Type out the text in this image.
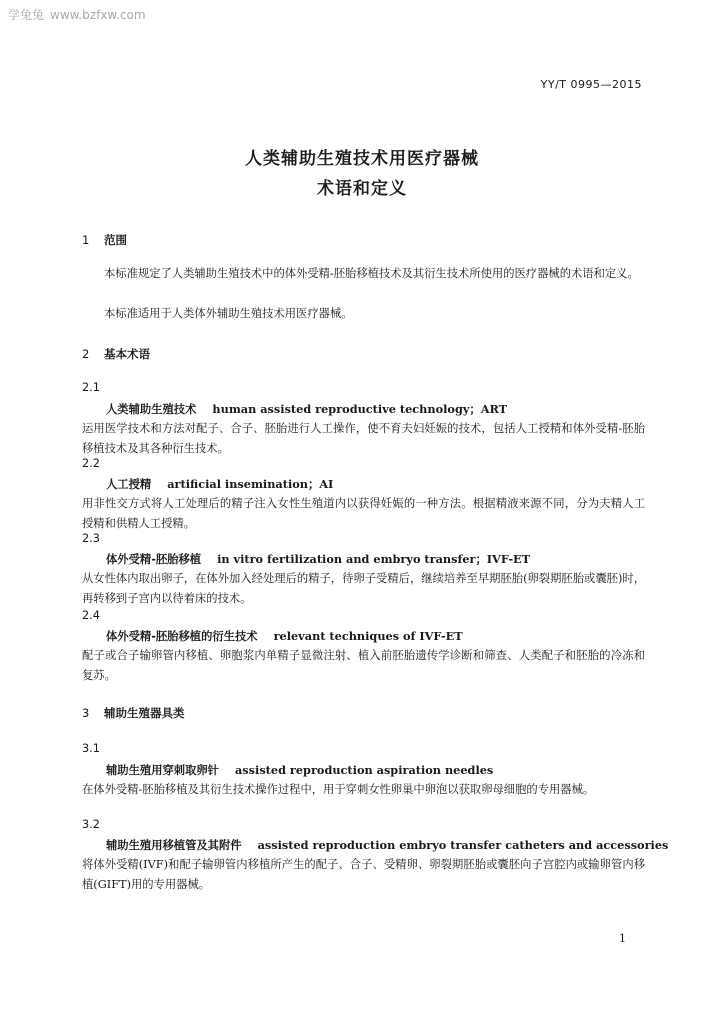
学兔兔 www.bzfxw.com
YY/T 0995—2015
人类辅助生殖技术用医疗器械
术语和定义
1 范围
本标准规定了人类辅助生殖技术中的体外受精-胚胎移植技术及其衍生技术所使用的医疗器械的术语和定义。
本标准适用于人类体外辅助生殖技术用医疗器械。
2 基本术语
2.1
人类辅助生殖技术 human assisted reproductive technology；ART
运用医学技术和方法对配子、合子、胚胎进行人工操作，使不育夫妇妊娠的技术，包括人工授精和体外受精-胚胎移植技术及其各种衍生技术。
2.2
人工授精 artificial insemination；AI
用非性交方式将人工处理后的精子注入女性生殖道内以获得妊娠的一种方法。根据精液来源不同，分为夫精人工授精和供精人工授精。
2.3
体外受精-胚胎移植 in vitro fertilization and embryo transfer；IVF-ET
从女性体内取出卵子，在体外加入经处理后的精子，待卵子受精后，继续培养至早期胚胎(卵裂期胚胎或囊胚)时，再转移到子宫内以待着床的技术。
2.4
体外受精-胚胎移植的衍生技术 relevant techniques of IVF-ET
配子或合子输卵管内移植、卵胞浆内单精子显微注射、植入前胚胎遗传学诊断和筛查、人类配子和胚胎的冷冻和复苏。
3 辅助生殖器具类
3.1
辅助生殖用穿刺取卵针 assisted reproduction aspiration needles
在体外受精-胚胎移植及其衍生技术操作过程中，用于穿刺女性卵巢中卵泡以获取卵母细胞的专用器械。
3.2
辅助生殖用移植管及其附件 assisted reproduction embryo transfer catheters and accessories
将体外受精(IVF)和配子输卵管内移植所产生的配子、合子、受精卵、卵裂期胚胎或囊胚向子宫腔内或输卵管内移植(GIFT)用的专用器械。
1
